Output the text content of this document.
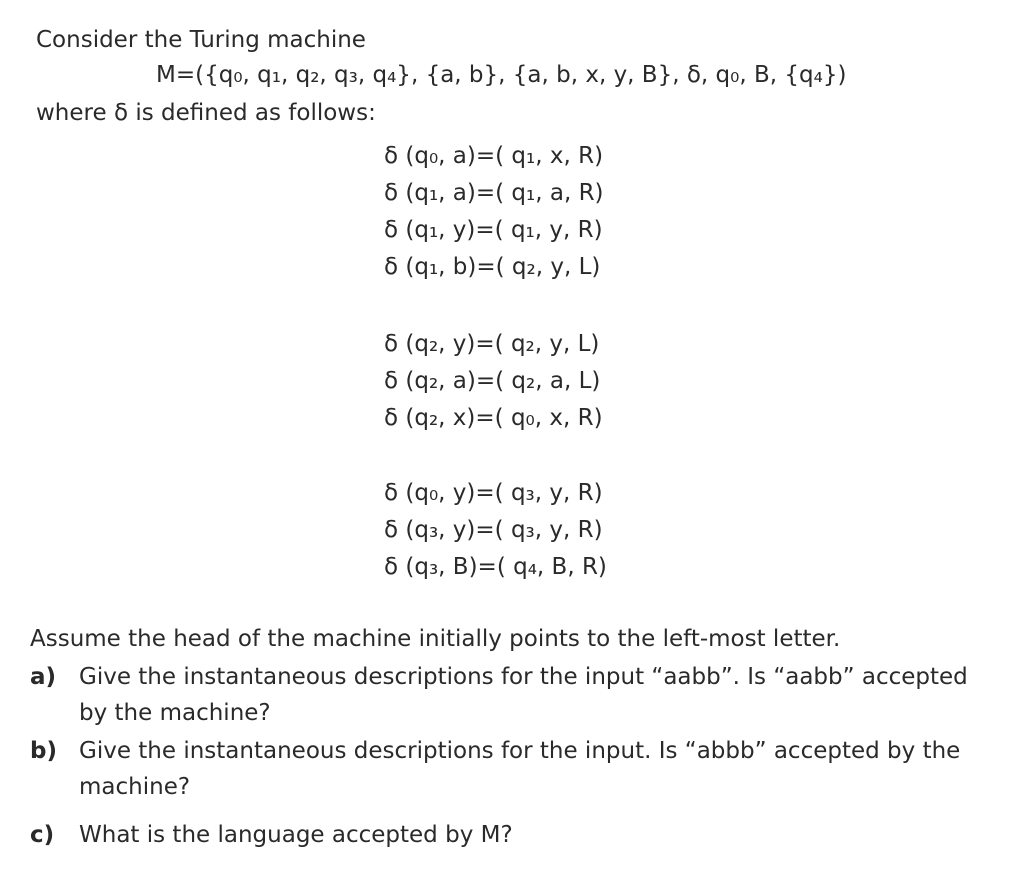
Consider the Turing machine
M=({q₀, q₁, q₂, q₃, q₄}, {a, b}, {a, b, x, y, B}, δ, q₀, B, {q₄})
where δ is defined as follows:
δ (q₀, a)=( q₁, x, R)
δ (q₁, a)=( q₁, a, R)
δ (q₁, y)=( q₁, y, R)
δ (q₁, b)=( q₂, y, L)
δ (q₂, y)=( q₂, y, L)
δ (q₂, a)=( q₂, a, L)
δ (q₂, x)=( q₀, x, R)
δ (q₀, y)=( q₃, y, R)
δ (q₃, y)=( q₃, y, R)
δ (q₃, B)=( q₄, B, R)
Assume the head of the machine initially points to the left-most letter.
a) Give the instantaneous descriptions for the input “aabb”. Is “aabb” accepted by the machine?
b) Give the instantaneous descriptions for the input. Is “abbb” accepted by the machine?
c) What is the language accepted by M?
